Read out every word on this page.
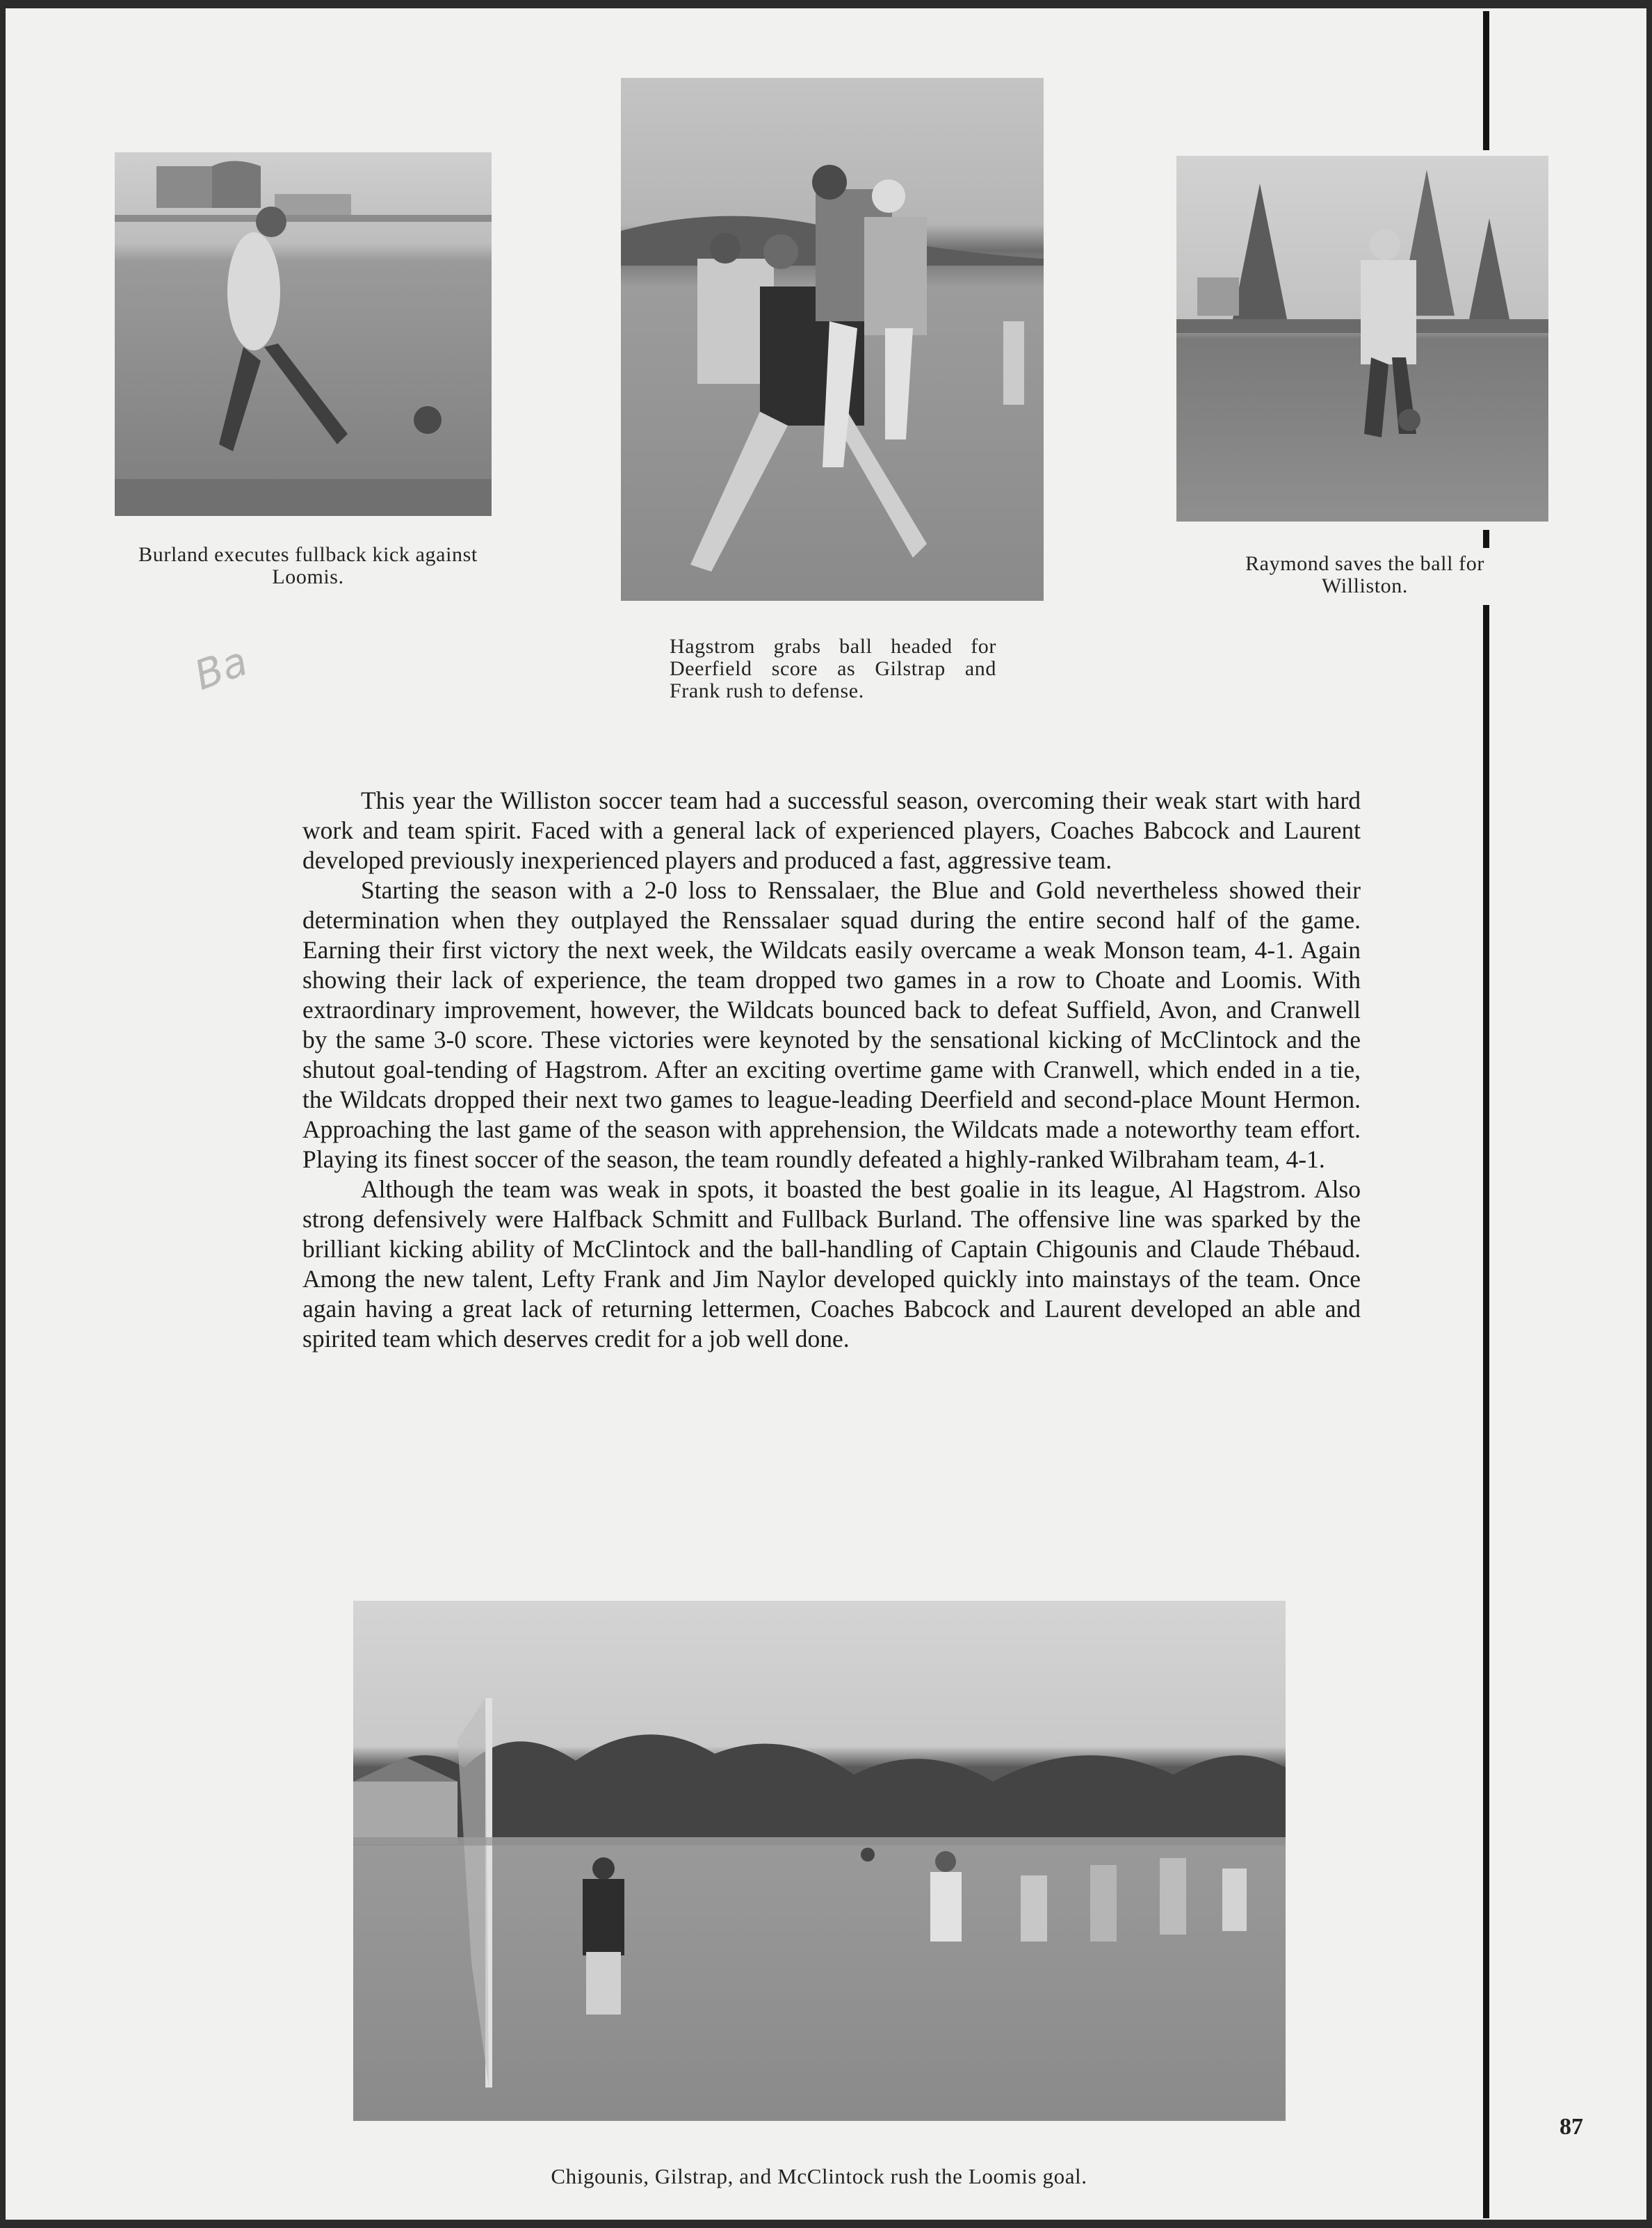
Burland executes fullback kick against Loomis.
Hagstrom grabs ball headed for Deerfield score as Gilstrap and Frank rush to defense.
Raymond saves the ball for Williston.
Ba

This year the Williston soccer team had a successful season, overcoming their weak start with hard work and team spirit. Faced with a general lack of experienced players, Coaches Babcock and Laurent developed previously inexperienced players and produced a fast, aggressive team.

Starting the season with a 2-0 loss to Renssalaer, the Blue and Gold nevertheless showed their determination when they outplayed the Renssalaer squad during the entire second half of the game. Earning their first victory the next week, the Wildcats easily overcame a weak Monson team, 4-1. Again showing their lack of experience, the team dropped two games in a row to Choate and Loomis. With extraordinary improvement, however, the Wildcats bounced back to defeat Suffield, Avon, and Cranwell by the same 3-0 score. These victories were keynoted by the sensational kicking of McClintock and the shutout goal-tending of Hagstrom. After an exciting overtime game with Cranwell, which ended in a tie, the Wildcats dropped their next two games to league-leading Deerfield and second-place Mount Hermon. Approaching the last game of the season with apprehension, the Wildcats made a noteworthy team effort. Playing its finest soccer of the season, the team roundly defeated a highly-ranked Wilbraham team, 4-1.

Although the team was weak in spots, it boasted the best goalie in its league, Al Hagstrom. Also strong defensively were Halfback Schmitt and Fullback Burland. The offensive line was sparked by the brilliant kicking ability of McClintock and the ball-handling of Captain Chigounis and Claude Thébaud. Among the new talent, Lefty Frank and Jim Naylor developed quickly into mainstays of the team. Once again having a great lack of returning lettermen, Coaches Babcock and Laurent developed an able and spirited team which deserves credit for a job well done.

Chigounis, Gilstrap, and McClintock rush the Loomis goal.
87
